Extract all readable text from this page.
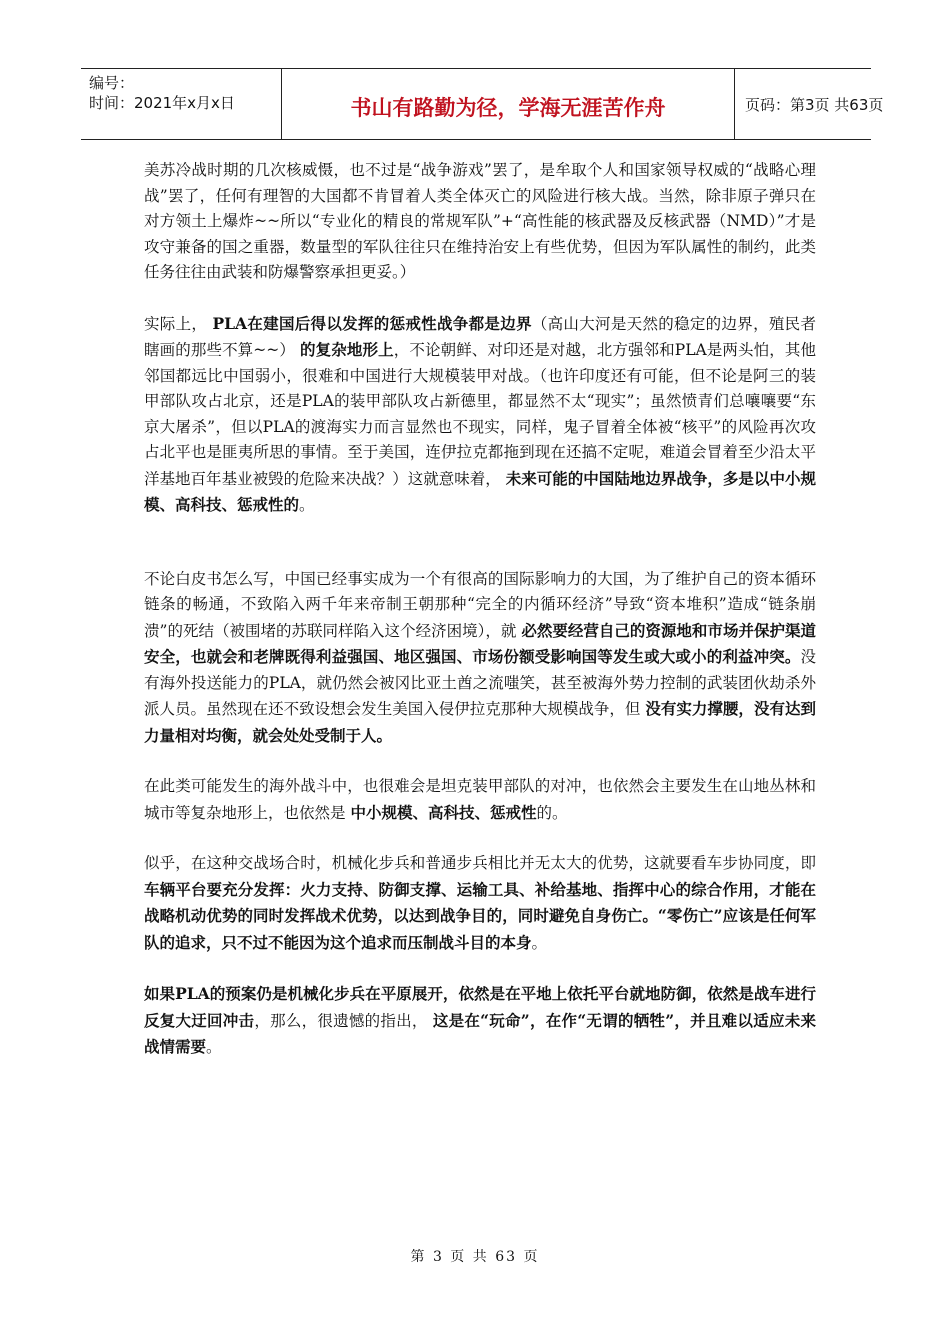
编号：
时间：2021年x月x日	书山有路勤为径，学海无涯苦作舟	页码：第3页 共63页

美苏冷战时期的几次核威慑，也不过是“战争游戏”罢了，是牟取个人和国家领导权威的“战略心理战”罢了，任何有理智的大国都不肯冒着人类全体灭亡的风险进行核大战。当然，除非原子弹只在对方领土上爆炸~~所以“专业化的精良的常规军队”+“高性能的核武器及反核武器（NMD）”才是攻守兼备的国之重器，数量型的军队往往只在维持治安上有些优势，但因为军队属性的制约，此类任务往往由武装和防爆警察承担更妥。）

实际上， PLA在建国后得以发挥的惩戒性战争都是边界（高山大河是天然的稳定的边界，殖民者瞎画的那些不算~~） 的复杂地形上，不论朝鲜、对印还是对越，北方强邻和PLA是两头怕，其他邻国都远比中国弱小，很难和中国进行大规模装甲对战。（也许印度还有可能，但不论是阿三的装甲部队攻占北京，还是PLA的装甲部队攻占新德里，都显然不太“现实”；虽然愤青们总嚷嚷要“东京大屠杀”，但以PLA的渡海实力而言显然也不现实，同样，鬼子冒着全体被“核平”的风险再次攻占北平也是匪夷所思的事情。至于美国，连伊拉克都拖到现在还搞不定呢，难道会冒着至少沿太平洋基地百年基业被毁的危险来决战？）这就意味着， 未来可能的中国陆地边界战争，多是以中小规模、高科技、惩戒性的。

不论白皮书怎么写，中国已经事实成为一个有很高的国际影响力的大国，为了维护自己的资本循环链条的畅通，不致陷入两千年来帝制王朝那种“完全的内循环经济”导致“资本堆积”造成“链条崩溃”的死结（被围堵的苏联同样陷入这个经济困境），就 必然要经营自己的资源地和市场并保护渠道安全，也就会和老牌既得利益强国、地区强国、市场份额受影响国等发生或大或小的利益冲突。没有海外投送能力的PLA，就仍然会被冈比亚土酋之流嗤笑，甚至被海外势力控制的武装团伙劫杀外派人员。虽然现在还不致设想会发生美国入侵伊拉克那种大规模战争，但 没有实力撑腰，没有达到力量相对均衡，就会处处受制于人。

在此类可能发生的海外战斗中，也很难会是坦克装甲部队的对冲，也依然会主要发生在山地丛林和城市等复杂地形上，也依然是 中小规模、高科技、惩戒性的。

似乎，在这种交战场合时，机械化步兵和普通步兵相比并无太大的优势，这就要看车步协同度，即 车辆平台要充分发挥：火力支持、防御支撑、运输工具、补给基地、指挥中心的综合作用，才能在战略机动优势的同时发挥战术优势，以达到战争目的，同时避免自身伤亡。“零伤亡”应该是任何军队的追求，只不过不能因为这个追求而压制战斗目的本身。

如果PLA的预案仍是机械化步兵在平原展开，依然是在平地上依托平台就地防御，依然是战车进行反复大迂回冲击，那么，很遗憾的指出， 这是在“玩命”，在作“无谓的牺牲”，并且难以适应未来战情需要。

第 3 页 共 63 页
